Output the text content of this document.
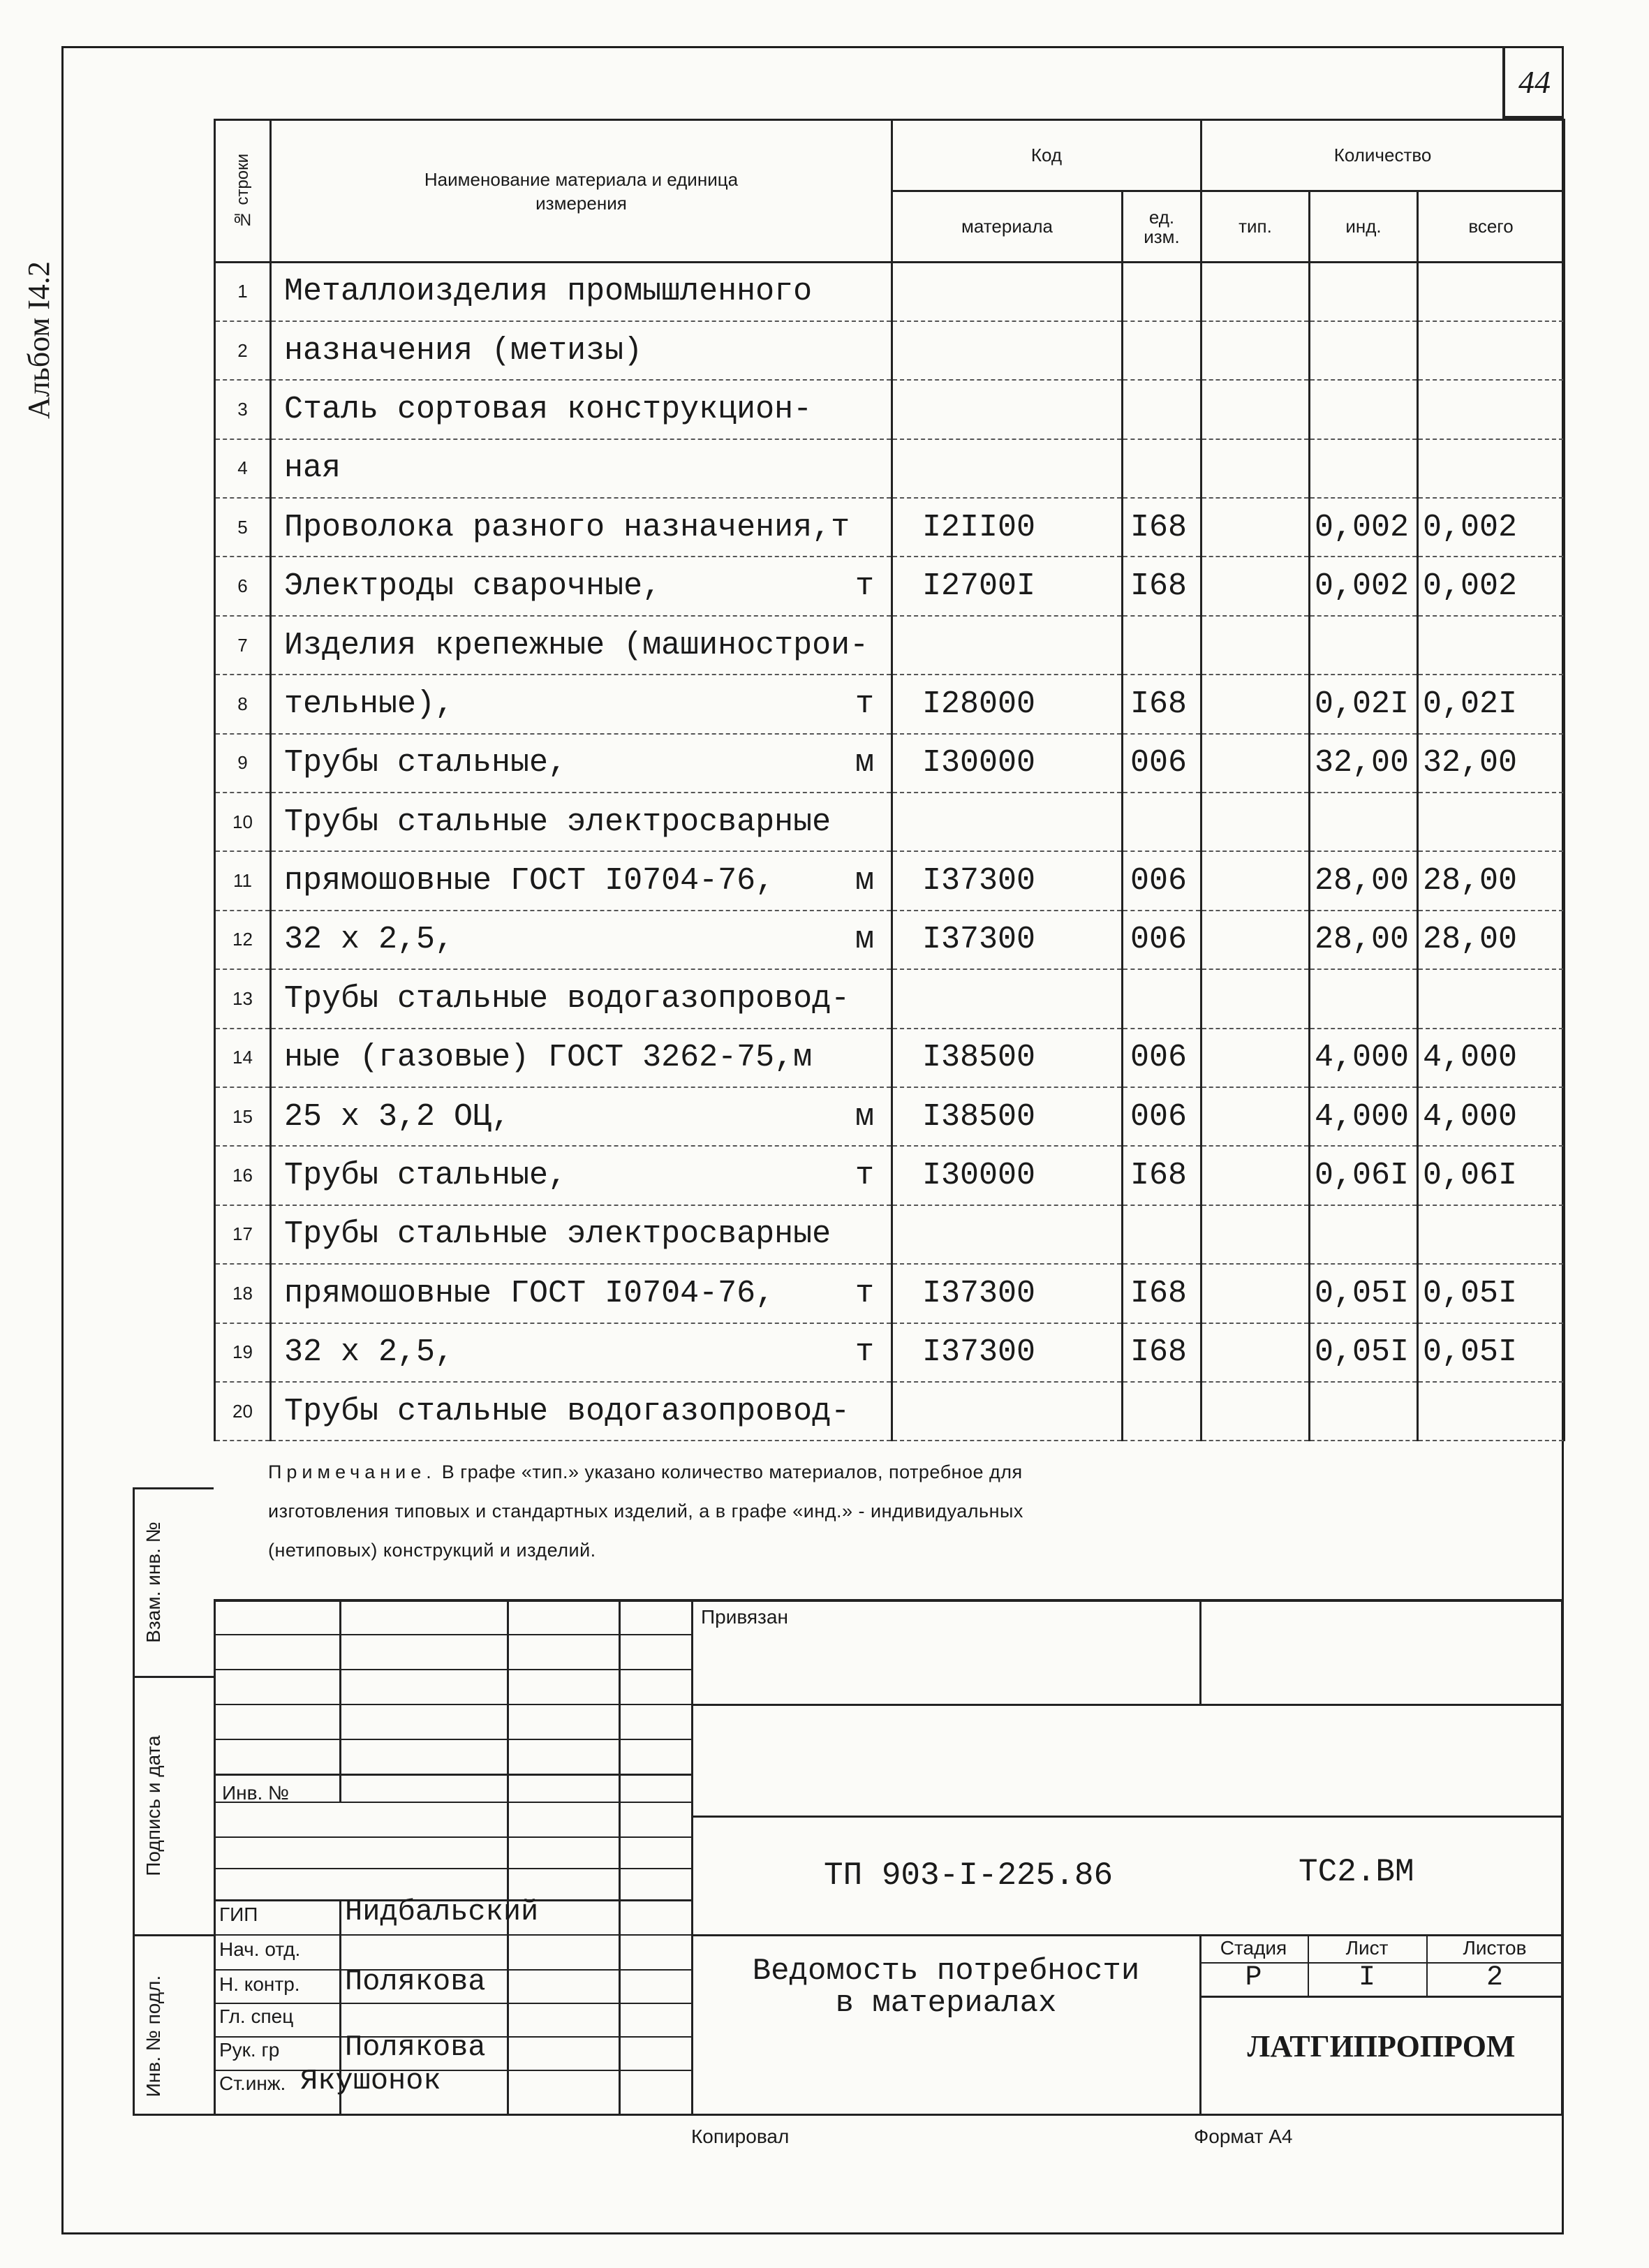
44
Альбом I4.2
№ строки	Наименование материала и единица измерения	Код		Количество		
		материала	ед. изм.	тип.	инд.	всего
1	Металлоизделия промышленного					

2	назначения (метизы)					

3	Сталь сортовая конструкцион-					

4	ная					

5	Проволока разного назначения,т	I2II00	I68		0,002	0,002
6	Электроды сварочные, т	I2700I	I68		0,002	0,002
7	Изделия крепежные (машинострои-					

8	тельные), т	I28000	I68		0,02I	0,02I
9	Трубы стальные, м	I30000	006		32,00	32,00
10	Трубы стальные электросварные					

11	прямошовные ГОСТ I0704-76, м	I37300	006		28,00	28,00
12	32 х 2,5, м	I37300	006		28,00	28,00
13	Трубы стальные водогазопровод-					

14	ные (газовые) ГОСТ 3262-75,м	I38500	006		4,000	4,000
15	25 х 3,2 ОЦ, м	I38500	006		4,000	4,000
16	Трубы стальные, т	I30000	I68		0,06I	0,06I
17	Трубы стальные электросварные					

18	прямошовные ГОСТ I0704-76, т	I37300	I68		0,05I	0,05I
19	32 х 2,5, т	I37300	I68		0,05I	0,05I
20	Трубы стальные водогазопровод-					

Примечание. В графе «тип.» указано количество материалов, потребное для
изготовления типовых и стандартных изделий, а в графе «инд.» - индивидуальных
(нетиповых) конструкций и изделий.
Взам. инв. №
Подпись и дата
Инв. № подл.
Инв. №
ГИП	Нидбальский
Нач. отд.
Н. контр. Полякова
Гл. спец
Рук. гр Полякова
Ст.инж. Якушонок
Привязан
ТП 903-I-225.86	ТС2.ВМ
Ведомость потребности
в материалах
Стадия	Лист	Листов
Р	I	2
ЛАТГИПРОПРОМ
Копировал	Формат А4
